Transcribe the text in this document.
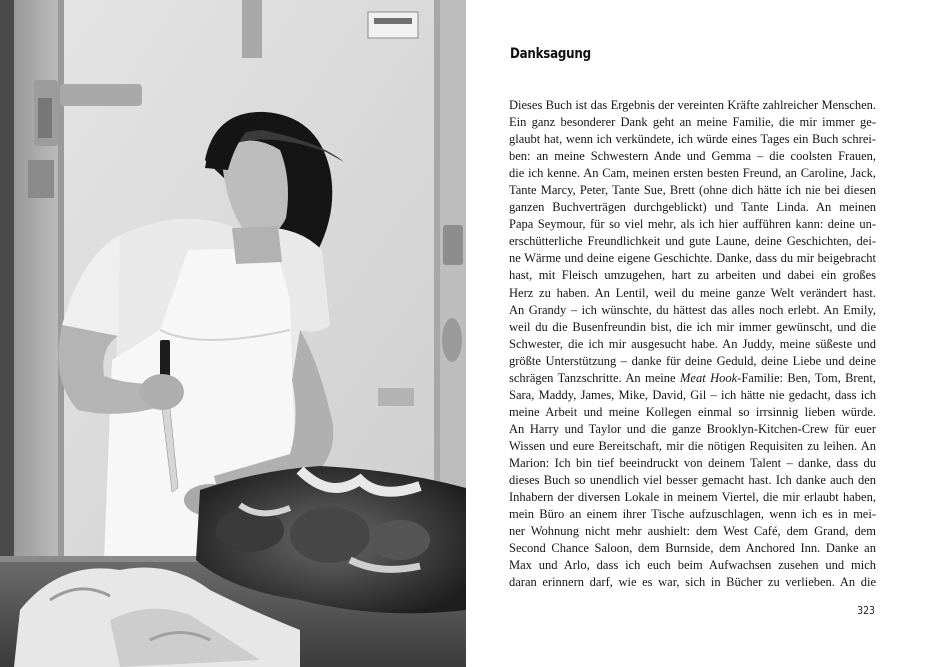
Danksagung
Dieses Buch ist das Ergebnis der vereinten Kräfte zahlreicher Menschen.
Ein ganz besonderer Dank geht an meine Familie, die mir immer ge-
glaubt hat, wenn ich verkündete, ich würde eines Tages ein Buch schrei-
ben: an meine Schwestern Ande und Gemma – die coolsten Frauen,
die ich kenne. An Cam, meinen ersten besten Freund, an Caroline, Jack,
Tante Marcy, Peter, Tante Sue, Brett (ohne dich hätte ich nie bei diesen
ganzen Buchverträgen durchgeblickt) und Tante Linda. An meinen
Papa Seymour, für so viel mehr, als ich hier aufführen kann: deine un-
erschütterliche Freundlichkeit und gute Laune, deine Geschichten, dei-
ne Wärme und deine eigene Geschichte. Danke, dass du mir beigebracht
hast, mit Fleisch umzugehen, hart zu arbeiten und dabei ein großes
Herz zu haben. An Lentil, weil du meine ganze Welt verändert hast.
An Grandy – ich wünschte, du hättest das alles noch erlebt. An Emily,
weil du die Busenfreundin bist, die ich mir immer gewünscht, und die
Schwester, die ich mir ausgesucht habe. An Juddy, meine süßeste und
größte Unterstützung – danke für deine Geduld, deine Liebe und deine
schrägen Tanzschritte. An meine Meat Hook-Familie: Ben, Tom, Brent,
Sara, Maddy, James, Mike, David, Gil – ich hätte nie gedacht, dass ich
meine Arbeit und meine Kollegen einmal so irrsinnig lieben würde.
An Harry und Taylor und die ganze Brooklyn-Kitchen-Crew für euer
Wissen und eure Bereitschaft, mir die nötigen Requisiten zu leihen. An
Marion: Ich bin tief beeindruckt von deinem Talent – danke, dass du
dieses Buch so unendlich viel besser gemacht hast. Ich danke auch den
Inhabern der diversen Lokale in meinem Viertel, die mir erlaubt haben,
mein Büro an einem ihrer Tische aufzuschlagen, wenn ich es in mei-
ner Wohnung nicht mehr aushielt: dem West Café, dem Grand, dem
Second Chance Saloon, dem Burnside, dem Anchored Inn. Danke an
Max und Arlo, dass ich euch beim Aufwachsen zusehen und mich
daran erinnern darf, wie es war, sich in Bücher zu verlieben. An die
323
